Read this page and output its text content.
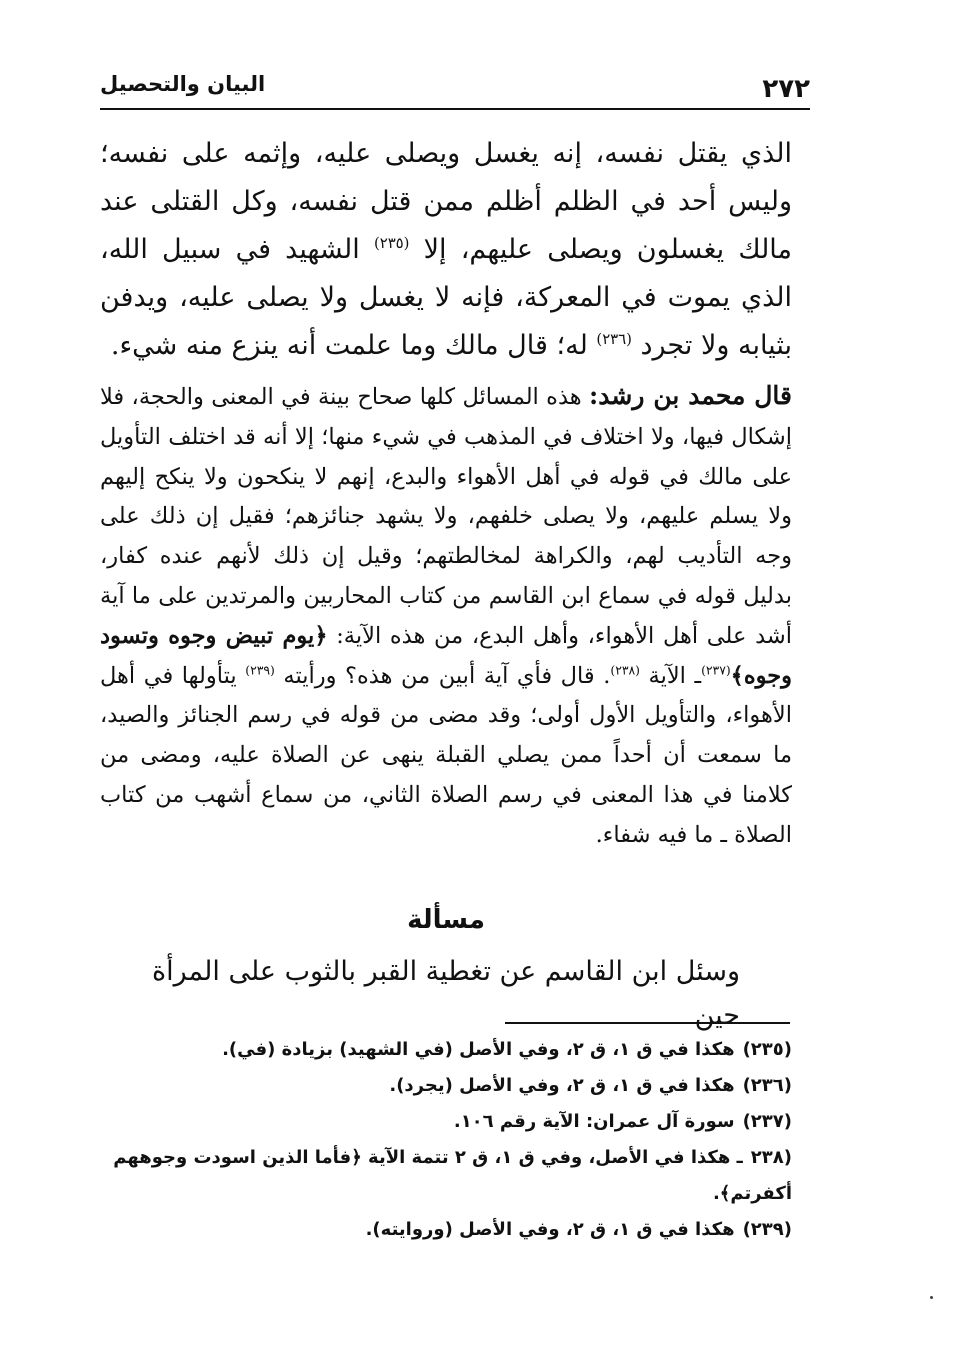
٢٧٢
البيان والتحصيل

الذي يقتل نفسه، إنه يغسل ويصلى عليه، وإثمه على نفسه؛ وليس أحد في الظلم أظلم ممن قتل نفسه، وكل القتلى عند مالك يغسلون ويصلى عليهم، إلا $^{(٢٣٥)}$ الشهيد في سبيل الله، الذي يموت في المعركة، فإنه لا يغسل ولا يصلى عليه، ويدفن بثيابه ولا تجرد $^{(٢٣٦)}$ له؛ قال مالك وما علمت أنه ينزع منه شيء.

قال محمد بن رشد: هذه المسائل كلها صحاح بينة في المعنى والحجة، فلا إشكال فيها، ولا اختلاف في المذهب في شيء منها؛ إلا أنه قد اختلف التأويل على مالك في قوله في أهل الأهواء والبدع، إنهم لا ينكحون ولا ينكح إليهم ولا يسلم عليهم، ولا يصلى خلفهم، ولا يشهد جنائزهم؛ فقيل إن ذلك على وجه التأديب لهم، والكراهة لمخالطتهم؛ وقيل إن ذلك لأنهم عنده كفار، بدليل قوله في سماع ابن القاسم من كتاب المحاربين والمرتدين على ما آية أشد على أهل الأهواء، وأهل البدع، من هذه الآية: ﴿يوم تبيض وجوه وتسود وجوه﴾$^{(٢٣٧)}$ـ الآية $^{(٢٣٨)}$. قال فأي آية أبين من هذه؟ ورأيته $^{(٢٣٩)}$ يتأولها في أهل الأهواء، والتأويل الأول أولى؛ وقد مضى من قوله في رسم الجنائز والصيد، ما سمعت أن أحداً ممن يصلي القبلة ينهى عن الصلاة عليه، ومضى من كلامنا في هذا المعنى في رسم الصلاة الثاني، من سماع أشهب من كتاب الصلاة ـ ما فيه شفاء.

مسألة
وسئل ابن القاسم عن تغطية القبر بالثوب على المرأة حين

(٢٣٥)هكذا في ق ١، ق ٢، وفي الأصل (في الشهيد) بزيادة (في).

(٢٣٦)هكذا في ق ١، ق ٢، وفي الأصل (يجرد).

(٢٣٧)سورة آل عمران: الآية رقم ١٠٦.

(٢٣٨ـ هكذا في الأصل، وفي ق ١، ق ٢ تتمة الآية ﴿فأما الذين اسودت وجوههم أكفرتم﴾.

(٢٣٩)هكذا في ق ١، ق ٢، وفي الأصل (وروايته).
